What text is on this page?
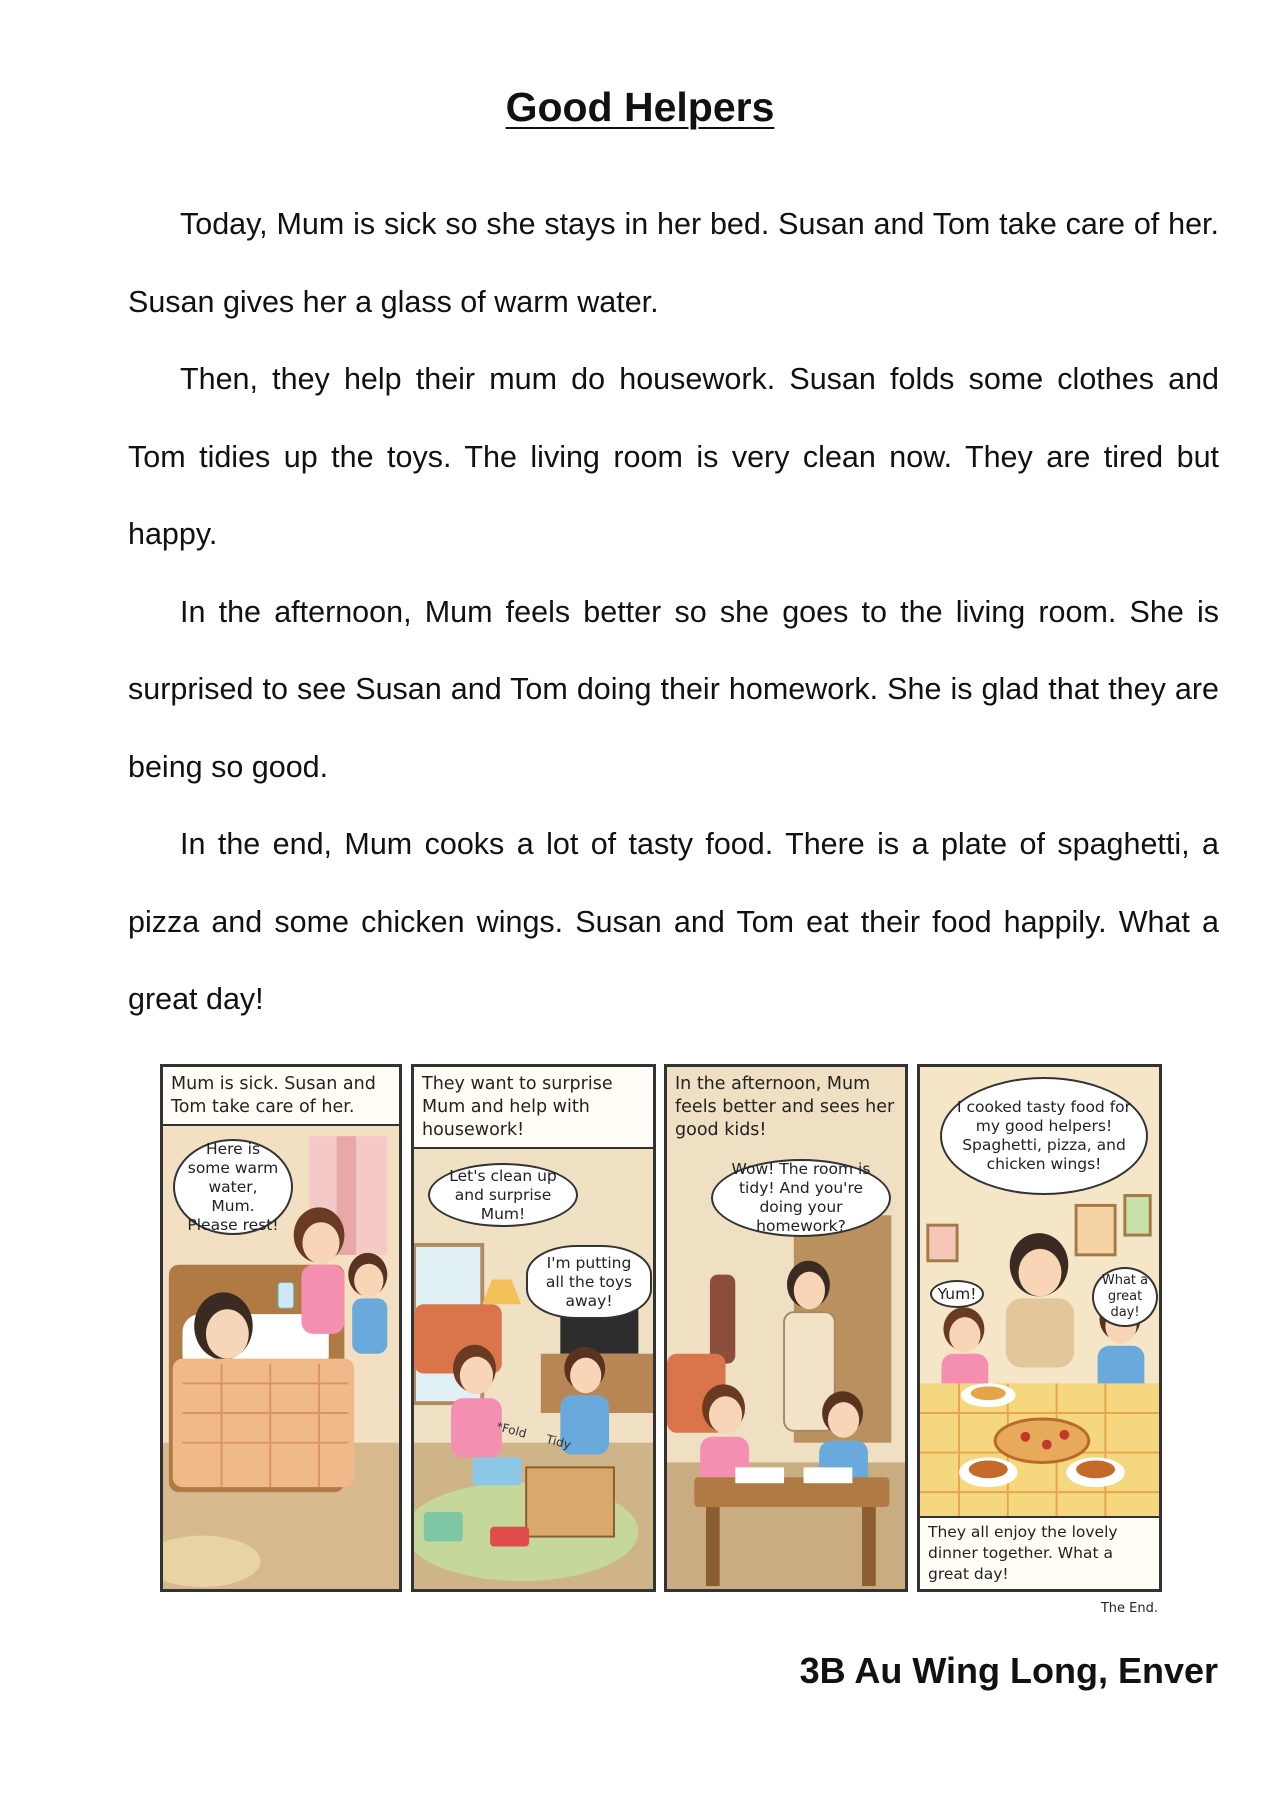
Good Helpers

Today, Mum is sick so she stays in her bed. Susan and Tom take care of her. Susan gives her a glass of warm water.

Then, they help their mum do housework. Susan folds some clothes and Tom tidies up the toys. The living room is very clean now. They are tired but happy.

In the afternoon, Mum feels better so she goes to the living room. She is surprised to see Susan and Tom doing their homework. She is glad that they are being so good.

In the end, Mum cooks a lot of tasty food. There is a plate of spaghetti, a pizza and some chicken wings. Susan and Tom eat their food happily. What a great day!

Mum is sick. Susan and Tom take care of her.
Here is some warm water, Mum. Please rest!
They want to surprise Mum and help with housework!
Let's clean up and surprise Mum!
I'm putting all the toys away!
*Fold
Tidy
In the afternoon, Mum feels better and sees her good kids!
Wow! The room is tidy! And you're doing your homework?
I cooked tasty food for my good helpers! Spaghetti, pizza, and chicken wings!
Yum!
What a great day!
They all enjoy the lovely dinner together. What a great day!
The End.
3B Au Wing Long, Enver
